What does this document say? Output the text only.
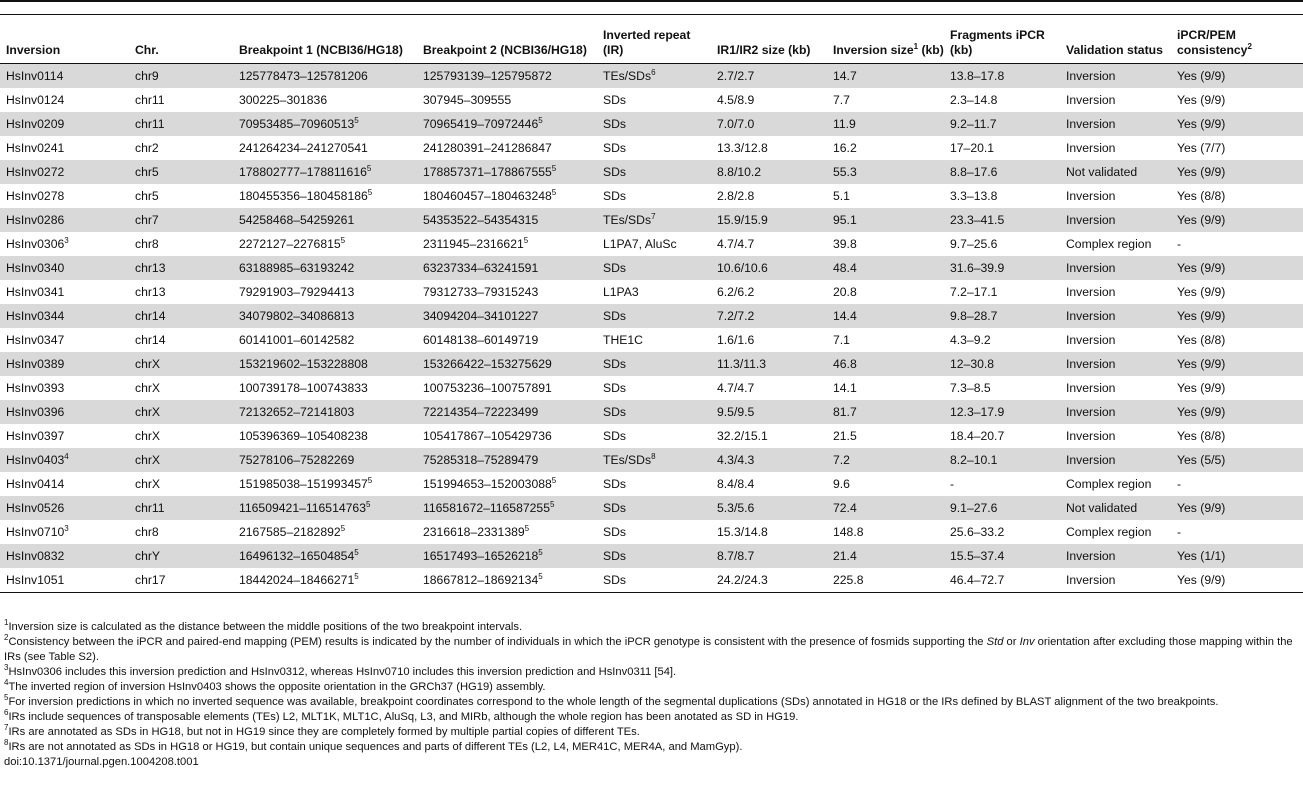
Inversion	Chr.	Breakpoint 1 (NCBI36/HG18)	Breakpoint 2 (NCBI36/HG18)	Inverted repeat (IR)	IR1/IR2 size (kb)	Inversion size$^1$ (kb)	Fragments iPCR (kb)	Validation status	iPCR/PEM consistency$^2$
HsInv0114	chr9	125778473–125781206	125793139–125795872	TEs/SDs$^6$	2.7/2.7	14.7	13.8–17.8	Inversion	Yes (9/9)
HsInv0124	chr11	300225–301836	307945–309555	SDs	4.5/8.9	7.7	2.3–14.8	Inversion	Yes (9/9)
HsInv0209	chr11	70953485–70960513$^5$	70965419–70972446$^5$	SDs	7.0/7.0	11.9	9.2–11.7	Inversion	Yes (9/9)
HsInv0241	chr2	241264234–241270541	241280391–241286847	SDs	13.3/12.8	16.2	17–20.1	Inversion	Yes (7/7)
HsInv0272	chr5	178802777–178811616$^5$	178857371–178867555$^5$	SDs	8.8/10.2	55.3	8.8–17.6	Not validated	Yes (9/9)
HsInv0278	chr5	180455356–180458186$^5$	180460457–180463248$^5$	SDs	2.8/2.8	5.1	3.3–13.8	Inversion	Yes (8/8)
HsInv0286	chr7	54258468–54259261	54353522–54354315	TEs/SDs$^7$	15.9/15.9	95.1	23.3–41.5	Inversion	Yes (9/9)
HsInv0306$^3$	chr8	2272127–2276815$^5$	2311945–2316621$^5$	L1PA7, AluSc	4.7/4.7	39.8	9.7–25.6	Complex region	-
HsInv0340	chr13	63188985–63193242	63237334–63241591	SDs	10.6/10.6	48.4	31.6–39.9	Inversion	Yes (9/9)
HsInv0341	chr13	79291903–79294413	79312733–79315243	L1PA3	6.2/6.2	20.8	7.2–17.1	Inversion	Yes (9/9)
HsInv0344	chr14	34079802–34086813	34094204–34101227	SDs	7.2/7.2	14.4	9.8–28.7	Inversion	Yes (9/9)
HsInv0347	chr14	60141001–60142582	60148138–60149719	THE1C	1.6/1.6	7.1	4.3–9.2	Inversion	Yes (8/8)
HsInv0389	chrX	153219602–153228808	153266422–153275629	SDs	11.3/11.3	46.8	12–30.8	Inversion	Yes (9/9)
HsInv0393	chrX	100739178–100743833	100753236–100757891	SDs	4.7/4.7	14.1	7.3–8.5	Inversion	Yes (9/9)
HsInv0396	chrX	72132652–72141803	72214354–72223499	SDs	9.5/9.5	81.7	12.3–17.9	Inversion	Yes (9/9)
HsInv0397	chrX	105396369–105408238	105417867–105429736	SDs	32.2/15.1	21.5	18.4–20.7	Inversion	Yes (8/8)
HsInv0403$^4$	chrX	75278106–75282269	75285318–75289479	TEs/SDs$^8$	4.3/4.3	7.2	8.2–10.1	Inversion	Yes (5/5)
HsInv0414	chrX	151985038–151993457$^5$	151994653–152003088$^5$	SDs	8.4/8.4	9.6	-	Complex region	-
HsInv0526	chr11	116509421–116514763$^5$	116581672–116587255$^5$	SDs	5.3/5.6	72.4	9.1–27.6	Not validated	Yes (9/9)
HsInv0710$^3$	chr8	2167585–2182892$^5$	2316618–2331389$^5$	SDs	15.3/14.8	148.8	25.6–33.2	Complex region	-
HsInv0832	chrY	16496132–16504854$^5$	16517493–16526218$^5$	SDs	8.7/8.7	21.4	15.5–37.4	Inversion	Yes (1/1)
HsInv1051	chr17	18442024–18466271$^5$	18667812–18692134$^5$	SDs	24.2/24.3	225.8	46.4–72.7	Inversion	Yes (9/9)

$^1$Inversion size is calculated as the distance between the middle positions of the two breakpoint intervals.

$^2$Consistency between the iPCR and paired-end mapping (PEM) results is indicated by the number of individuals in which the iPCR genotype is consistent with the presence of fosmids supporting the Std or Inv orientation after excluding those mapping within the IRs (see Table S2).

$^3$HsInv0306 includes this inversion prediction and HsInv0312, whereas HsInv0710 includes this inversion prediction and HsInv0311 [54].

$^4$The inverted region of inversion HsInv0403 shows the opposite orientation in the GRCh37 (HG19) assembly.

$^5$For inversion predictions in which no inverted sequence was available, breakpoint coordinates correspond to the whole length of the segmental duplications (SDs) annotated in HG18 or the IRs defined by BLAST alignment of the two breakpoints.

$^6$IRs include sequences of transposable elements (TEs) L2, MLT1K, MLT1C, AluSq, L3, and MIRb, although the whole region has been anotated as SD in HG19.

$^7$IRs are annotated as SDs in HG18, but not in HG19 since they are completely formed by multiple partial copies of different TEs.

$^8$IRs are not annotated as SDs in HG18 or HG19, but contain unique sequences and parts of different TEs (L2, L4, MER41C, MER4A, and MamGyp).

doi:10.1371/journal.pgen.1004208.t001
